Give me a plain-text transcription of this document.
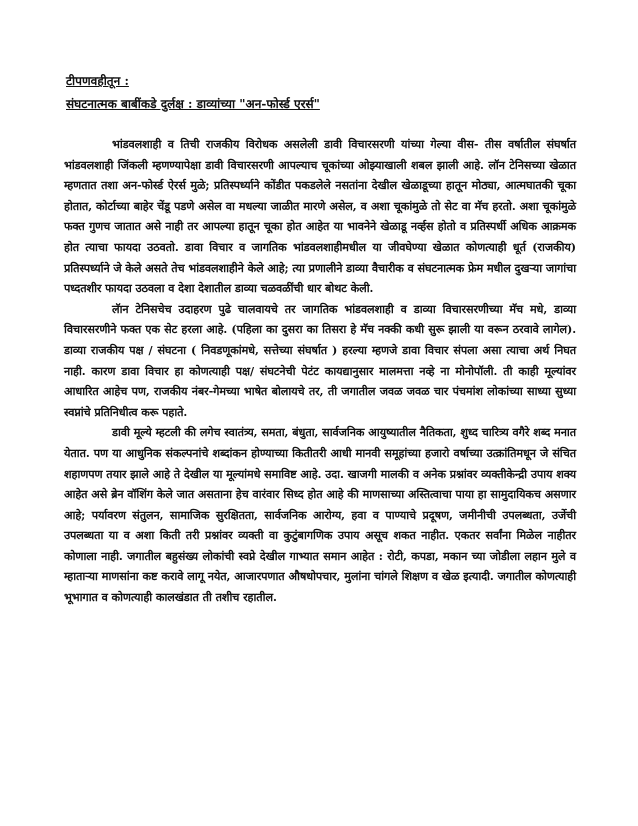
टीपणवहीतून :
संघटनात्मक बाबींकडे दुर्लक्ष : डाव्यांच्या "अन-फोर्स्ड एरर्स"

भांडवलशाही व तिची राजकीय विरोधक असलेली डावी विचारसरणी यांच्या गेल्या वीस- तीस वर्षातील संघर्षात भांडवलशाही जिंकली म्हणण्यापेक्षा डावी विचारसरणी आपल्याच चूकांच्या ओझ्याखाली शबल झाली आहे. लॉन टेनिसच्या खेळात म्हणतात तशा अन-फोर्स्ड ऐरर्स मुळे; प्रतिस्पर्ध्याने कोंडीत पकडलेले नसतांना देखील खेळाडूच्या हातून मोठ्या, आत्मघातकी चूका होतात, कोर्टाच्या बाहेर चेंडू पडणे असेल वा मधल्या जाळीत मारणे असेल, व अशा चूकांमुळे तो सेट वा मॅच हरतो. अशा चूकांमुळे फक्त गुणच जातात असे नाही तर आपल्या हातून चूका होत आहेत या भावनेने खेळाडू नर्व्हस होतो व प्रतिस्पर्धी अधिक आक्रमक होत त्याचा फायदा उठवतो. डावा विचार व जागतिक भांडवलशाहीमधील या जीवघेण्या खेळात कोणत्याही धूर्त (राजकीय) प्रतिस्पर्ध्याने जे केले असते तेच भांडवलशाहीने केले आहे; त्या प्रणालीने डाव्या वैचारीक व संघटनात्मक फ्रेम मधील दुखऱ्या जागांचा पध्दतशीर फायदा उठवला व देशा देशातील डाव्या चळवळींची धार बोथट केली.

लॅान टेनिसचेच उदाहरण पुढे चालवायचे तर जागतिक भांडवलशाही व डाव्या विचारसरणीच्या मॅच मधे, डाव्या विचारसरणीने फक्त एक सेट हरला आहे. (पहिला का दुसरा का तिसरा हे मॅच नक्की कधी सुरू झाली या वरून ठरवावे लागेल). डाव्या राजकीय पक्ष / संघटना ( निवडणूकांमधे, सत्तेच्या संघर्षात ) हरल्या म्हणजे डावा विचार संपला असा त्याचा अर्थ निघत नाही. कारण डावा विचार हा कोणत्याही पक्ष/ संघटनेची पेटंट कायद्यानुसार मालमत्ता नव्हे ना मोनोपॉली. ती काही मूल्यांवर आधारित आहेच पण, राजकीय नंबर-गेमच्या भाषेत बोलायचे तर, ती जगातील जवळ जवळ चार पंचमांश लोकांच्या साध्या सुध्या स्वप्नांचे प्रतिनिधीत्व करू पहाते.

डावी मूल्ये म्हटली की लगेच स्वातंत्र्य, समता, बंधुता, सार्वजनिक आयुष्यातील नैतिकता, शुध्द चारित्र्य वगैरे शब्द मनात येतात. पण या आधुनिक संकल्पनांचे शब्दांकन होण्याच्या कितीतरी आधी मानवी समूहांच्या हजारो वर्षाच्या उत्क्रांतिमधून जे संचित शहाणपण तयार झाले आहे ते देखील या मूल्यांमधे समाविष्ट आहे. उदा. खाजगी मालकी व अनेक प्रश्नांवर व्यक्तीकेन्द्री उपाय शक्य आहेत असे ब्रेन वॉशिंग केले जात असताना हेच वारंवार सिध्द होत आहे की माणसाच्या अस्तित्वाचा पाया हा सामुदायिकच असणार आहे; पर्यावरण संतुलन, सामाजिक सुरक्षितता, सार्वजनिक आरोग्य, हवा व पाण्याचे प्रदूषण, जमीनीची उपलब्धता, उर्जेची उपलब्धता या व अशा किती तरी प्रश्नांवर व्यक्ती वा कुटुंबागणिक उपाय असूच शकत नाहीत. एकतर सर्वांना मिळेल नाहीतर कोणाला नाही. जगातील बहुसंख्य लोकांची स्वप्ने देखील गाभ्यात समान आहेत : रोटी, कपडा, मकान च्या जोडीला लहान मुले व म्हाताऱ्या माणसांना कष्ट करावे लागू नयेत, आजारपणात औषधोपचार, मुलांना चांगले शिक्षण व खेळ इत्यादी. जगातील कोणत्याही भूभागात व कोणत्याही कालखंडात ती तशीच रहातील.
